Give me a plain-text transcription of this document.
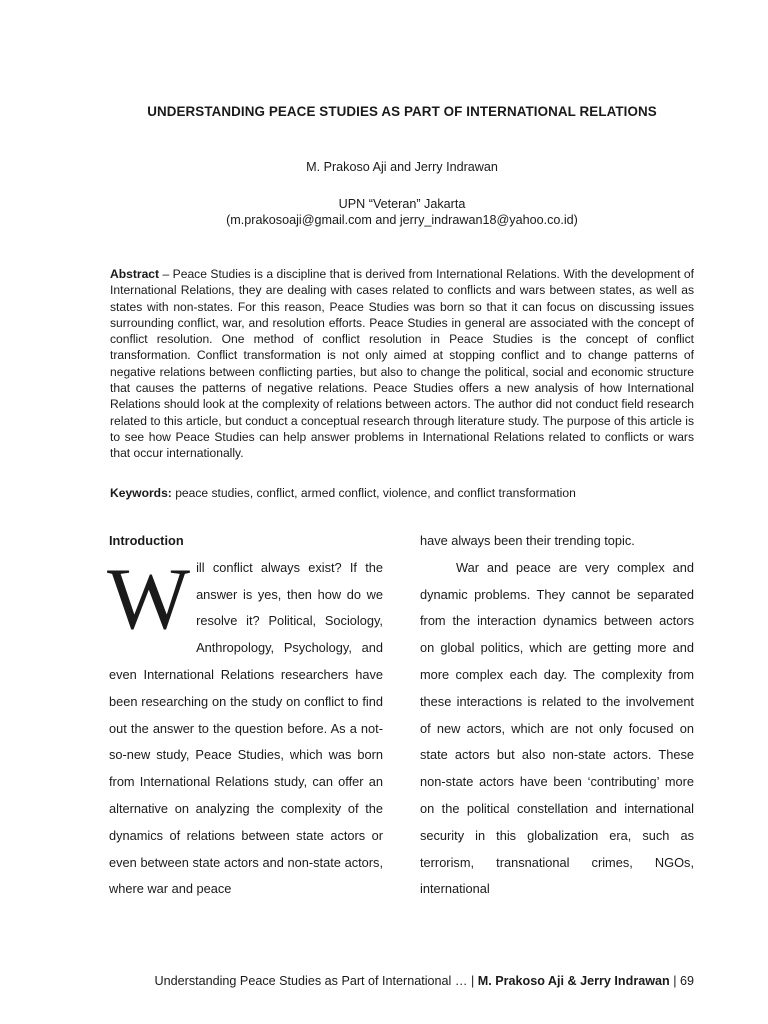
UNDERSTANDING PEACE STUDIES AS PART OF INTERNATIONAL RELATIONS
M. Prakoso Aji and Jerry Indrawan
UPN “Veteran” Jakarta
(m.prakosoaji@gmail.com and jerry_indrawan18@yahoo.co.id)

Abstract – Peace Studies is a discipline that is derived from International Relations. With the development of International Relations, they are dealing with cases related to conflicts and wars between states, as well as states with non-states. For this reason, Peace Studies was born so that it can focus on discussing issues surrounding conflict, war, and resolution efforts. Peace Studies in general are associated with the concept of conflict resolution. One method of conflict resolution in Peace Studies is the concept of conflict transformation. Conflict transformation is not only aimed at stopping conflict and to change patterns of negative relations between conflicting parties, but also to change the political, social and economic structure that causes the patterns of negative relations. Peace Studies offers a new analysis of how International Relations should look at the complexity of relations between actors. The author did not conduct field research related to this article, but conduct a conceptual research through literature study. The purpose of this article is to see how Peace Studies can help answer problems in International Relations related to conflicts or wars that occur internationally.

Keywords: peace studies, conflict, armed conflict, violence, and conflict transformation

Introduction

Will conflict always exist? If the answer is yes, then how do we resolve it? Political, Sociology, Anthropology, Psychology, and even International Relations researchers have been researching on the study on conflict to find out the answer to the question before. As a not-so-new study, Peace Studies, which was born from International Relations study, can offer an alternative on analyzing the complexity of the dynamics of relations between state actors or even between state actors and non-state actors, where war and peace

have always been their trending topic.

War and peace are very complex and dynamic problems. They cannot be separated from the interaction dynamics between actors on global politics, which are getting more and more complex each day. The complexity from these interactions is related to the involvement of new actors, which are not only focused on state actors but also non-state actors. These non-state actors have been ‘contributing’ more on the political constellation and international security in this globalization era, such as terrorism, transnational crimes, NGOs, international

Understanding Peace Studies as Part of International … | M. Prakoso Aji & Jerry Indrawan | 69
